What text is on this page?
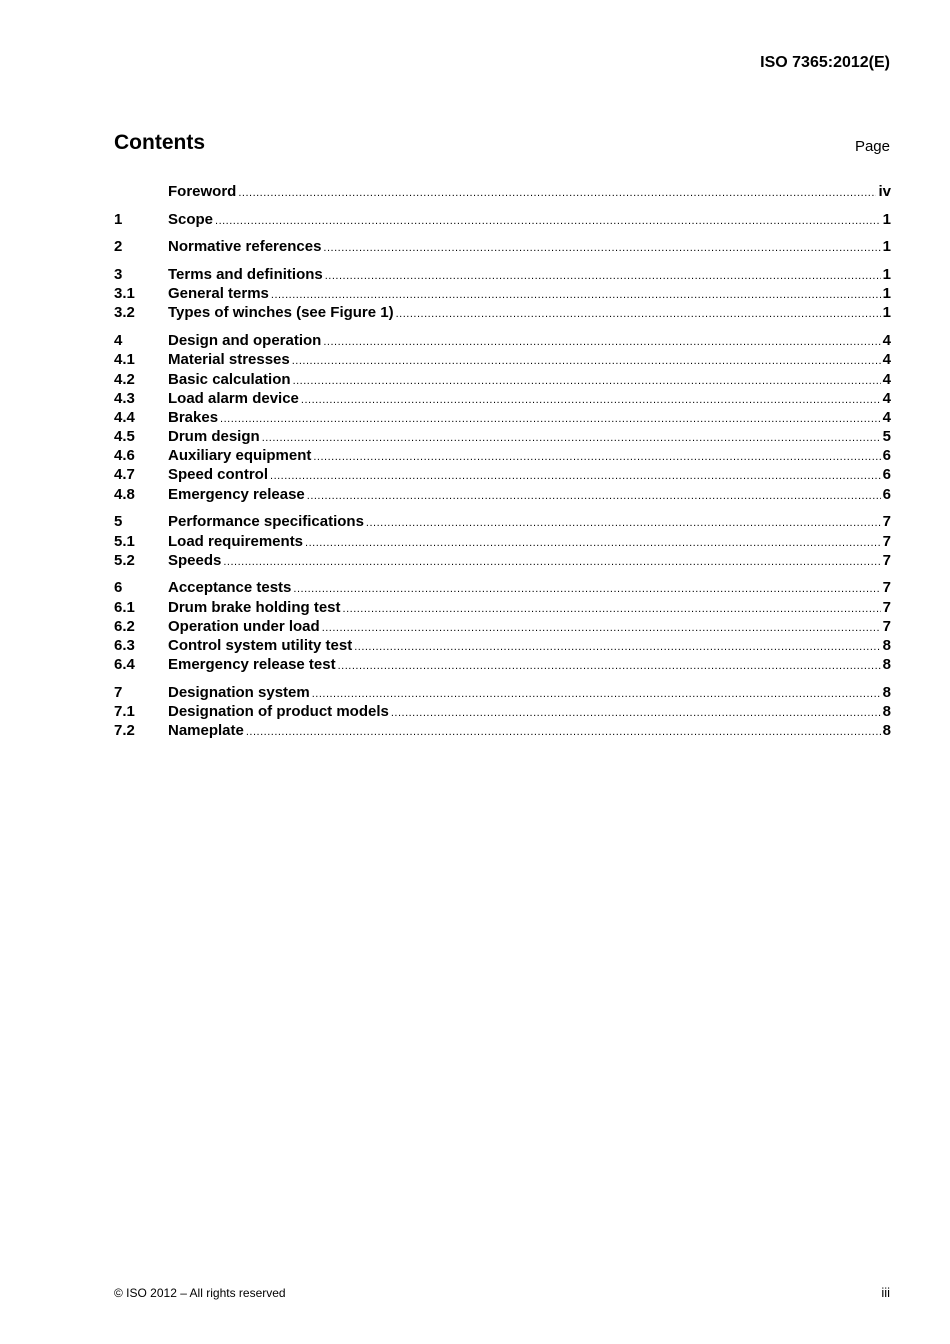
ISO 7365:2012(E)
Contents	Page
Foreword .....	iv
1	Scope .....	1
2	Normative references .....	1
3	Terms and definitions .....	1
3.1	General terms .....	1
3.2	Types of winches (see Figure 1) .....	1
4	Design and operation .....	4
4.1	Material stresses .....	4
4.2	Basic calculation .....	4
4.3	Load alarm device .....	4
4.4	Brakes .....	4
4.5	Drum design .....	5
4.6	Auxiliary equipment .....	6
4.7	Speed control .....	6
4.8	Emergency release .....	6
5	Performance specifications .....	7
5.1	Load requirements .....	7
5.2	Speeds .....	7
6	Acceptance tests .....	7
6.1	Drum brake holding test .....	7
6.2	Operation under load .....	7
6.3	Control system utility test .....	8
6.4	Emergency release test .....	8
7	Designation system .....	8
7.1	Designation of product models .....	8
7.2	Nameplate .....	8
© ISO 2012 – All rights reserved	iii
